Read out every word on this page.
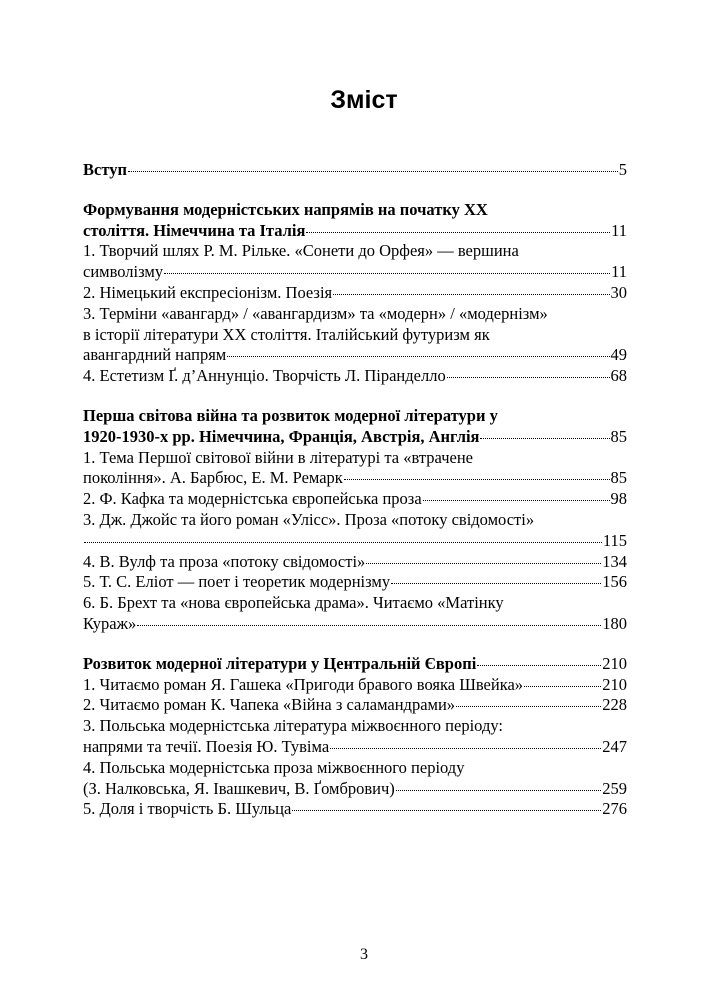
Зміст
Вступ	5
Формування модерністських напрямів на початку XX
століття. Німеччина та Італія	11
1. Творчий шлях Р. М. Рільке. «Сонети до Орфея» — вершина
символізму	11
2. Німецький експресіонізм. Поезія	30
3. Терміни «авангард» / «авангардизм» та «модерн» / «модернізм»
в історії літератури XX століття. Італійський футуризм як
авангардний напрям	49
4. Естетизм Ґ. д’Аннунціо. Творчість Л. Піранделло	68
Перша світова війна та розвиток модерної літератури у
1920-1930-х рр. Німеччина, Франція, Австрія, Англія	85
1. Тема Першої світової війни в літературі та «втрачене
покоління». А. Барбюс, Е. М. Ремарк	85
2. Ф. Кафка та модерністська європейська проза	98
3. Дж. Джойс та його роман «Улісс». Проза «потоку свідомості»
115
4. В. Вулф та проза «потоку свідомості»	134
5. Т. С. Еліот — поет і теоретик модернізму	156
6. Б. Брехт та «нова європейська драма». Читаємо «Матінку
Кураж»	180
Розвиток модерної літератури у Центральній Європі	210
1. Читаємо роман Я. Гашека «Пригоди бравого вояка Швейка»	210
2. Читаємо роман К. Чапека «Війна з саламандрами»	228
3. Польська модерністська література міжвоєнного періоду:
напрями та течії. Поезія Ю. Тувіма	247
4. Польська модерністська проза міжвоєнного періоду
(З. Налковська, Я. Івашкевич, В. Ґомбрович)	259
5. Доля і творчість Б. Шульца	276
3
